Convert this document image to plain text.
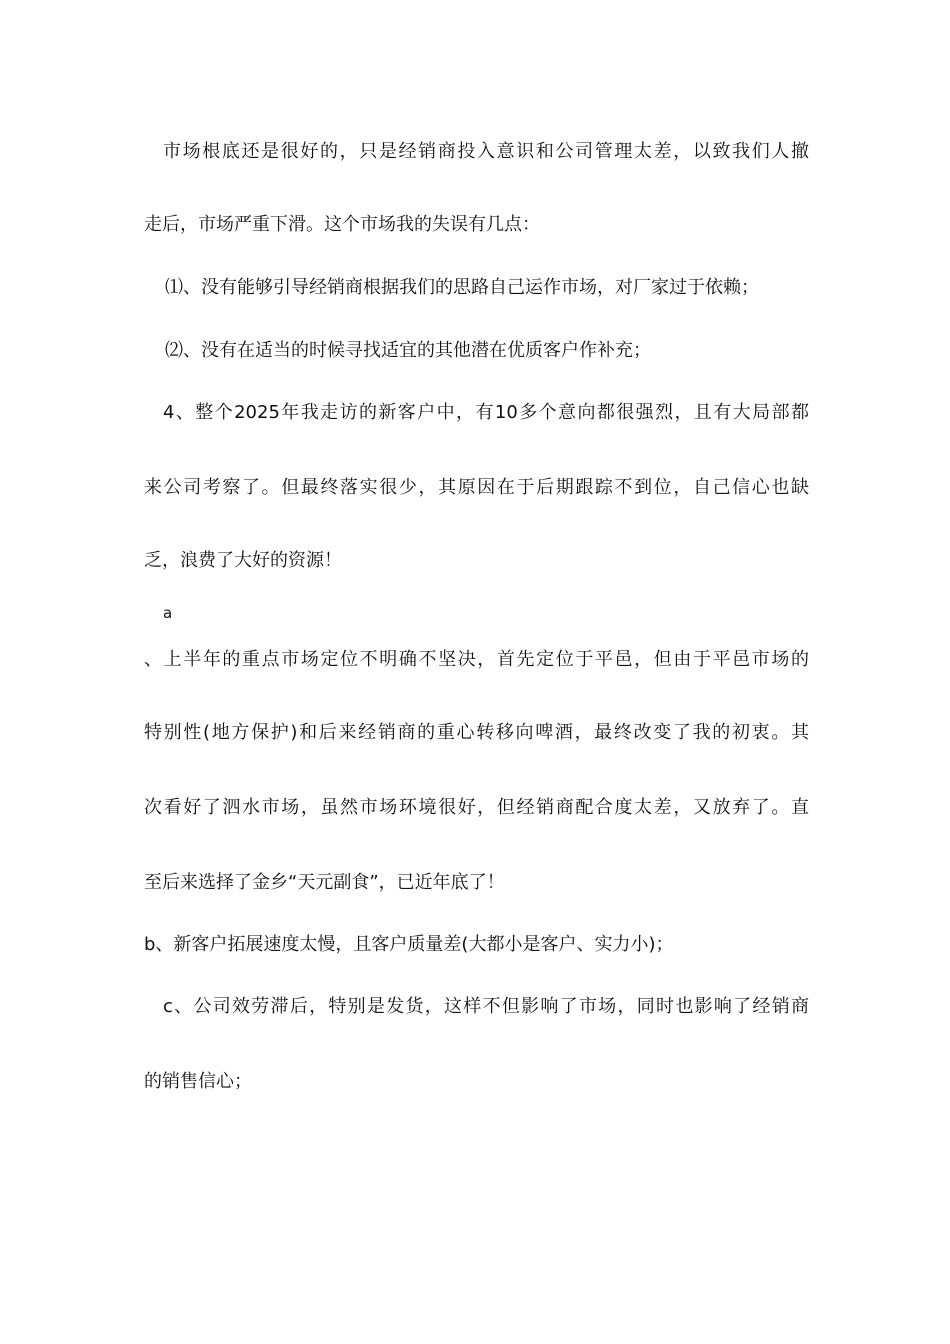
市场根底还是很好的，只是经销商投入意识和公司管理太差，以致我们人撤
走后，市场严重下滑。这个市场我的失误有几点：
⑴、没有能够引导经销商根据我们的思路自己运作市场，对厂家过于依赖；
⑵、没有在适当的时候寻找适宜的其他潜在优质客户作补充；
4、整个2025年我走访的新客户中，有10多个意向都很强烈，且有大局部都
来公司考察了。但最终落实很少，其原因在于后期跟踪不到位，自己信心也缺
乏，浪费了大好的资源！
a
、上半年的重点市场定位不明确不坚决，首先定位于平邑，但由于平邑市场的
特别性(地方保护)和后来经销商的重心转移向啤酒，最终改变了我的初衷。其
次看好了泗水市场，虽然市场环境很好，但经销商配合度太差，又放弃了。直
至后来选择了金乡“天元副食”，已近年底了！
b、新客户拓展速度太慢，且客户质量差(大都小是客户、实力小)；
c、公司效劳滞后，特别是发货，这样不但影响了市场，同时也影响了经销商
的销售信心；
